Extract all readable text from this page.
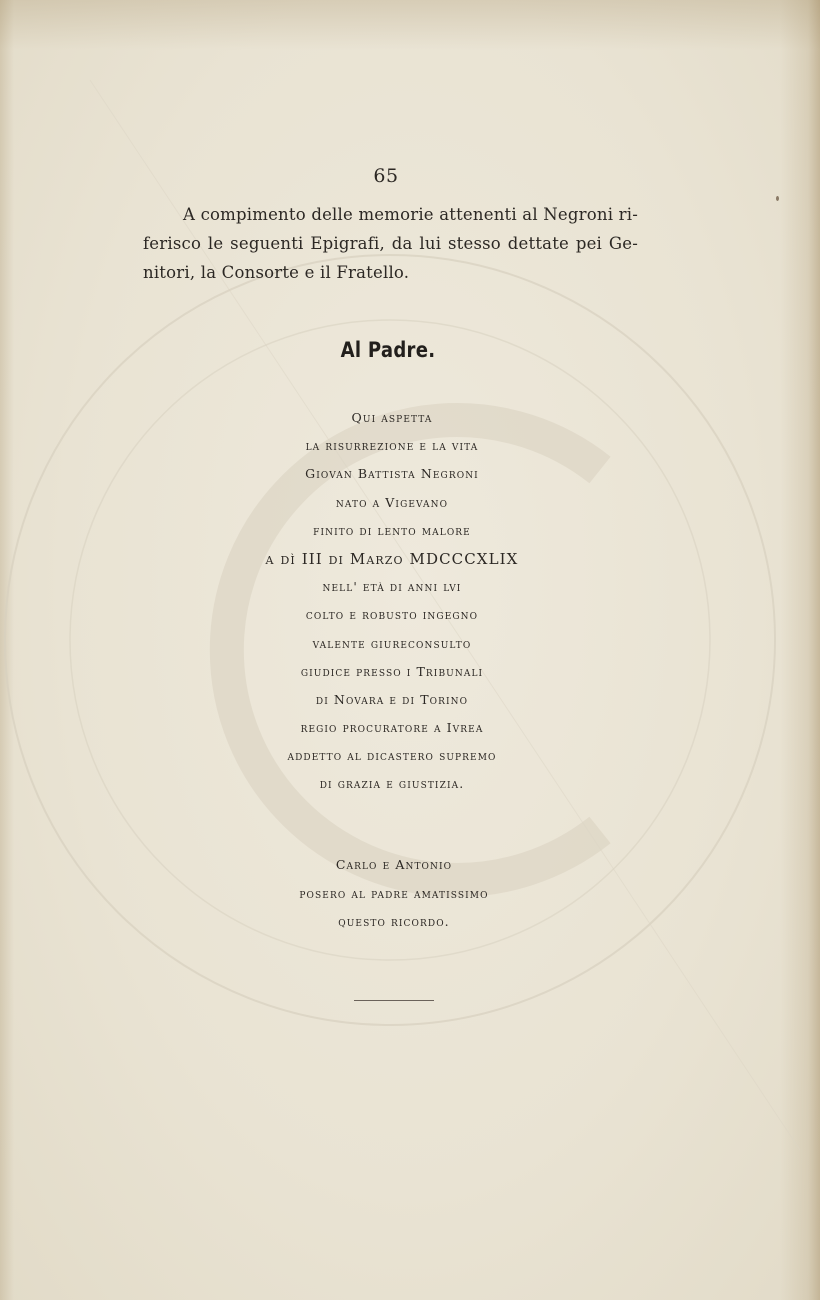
65
A compimento delle memorie attenenti al Negroni ri-
ferisco le seguenti Epigrafi, da lui stesso dettate pei Ge-
nitori, la Consorte e il Fratello.
Al Padre.
Qui aspetta
la risurrezione e la vita
Giovan Battista Negroni
nato a Vigevano
finito di lento malore
a dì III di Marzo MDCCCXLIX
nell' età di anni lvi
colto e robusto ingegno
valente giureconsulto
giudice presso i Tribunali
di Novara e di Torino
regio procuratore a Ivrea
addetto al dicastero supremo
di grazia e giustizia.
Carlo e Antonio
posero al padre amatissimo
questo ricordo.
